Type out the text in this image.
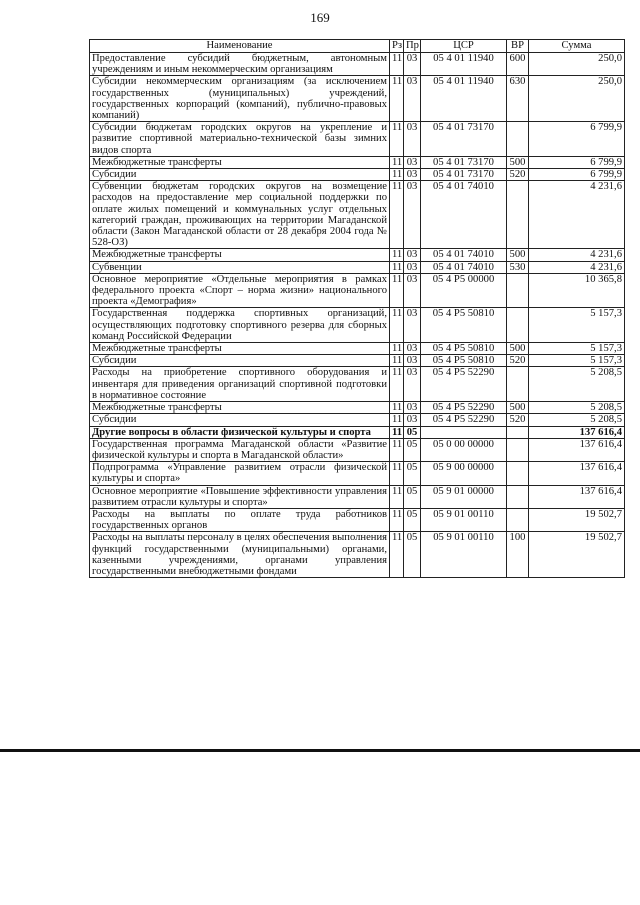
169
Наименование	Рз	Пр	ЦСР	ВР	Сумма
Предоставление субсидий бюджетным, автономным учреждениям и иным некоммерческим организациям	11	03	05 4 01 11940	600	250,0
Субсидии некоммерческим организациям (за исключением государственных (муниципальных) учреждений, государственных корпораций (компаний), публично-правовых компаний)	11	03	05 4 01 11940	630	250,0
Субсидии бюджетам городских округов на укрепление и развитие спортивной материально-технической базы зимних видов спорта	11	03	05 4 01 73170		6 799,9
Межбюджетные трансферты	11	03	05 4 01 73170	500	6 799,9
Субсидии	11	03	05 4 01 73170	520	6 799,9
Субвенции бюджетам городских округов на возмещение расходов на предоставление мер социальной поддержки по оплате жилых помещений и коммунальных услуг отдельных категорий граждан, проживающих на территории Магаданской области (Закон Магаданской области от 28 декабря 2004 года № 528-ОЗ)	11	03	05 4 01 74010		4 231,6
Межбюджетные трансферты	11	03	05 4 01 74010	500	4 231,6
Субвенции	11	03	05 4 01 74010	530	4 231,6
Основное мероприятие «Отдельные мероприятия в рамках федерального проекта «Спорт – норма жизни» национального проекта «Демография»	11	03	05 4 P5 00000		10 365,8
Государственная поддержка спортивных организаций, осуществляющих подготовку спортивного резерва для сборных команд Российской Федерации	11	03	05 4 P5 50810		5 157,3
Межбюджетные трансферты	11	03	05 4 P5 50810	500	5 157,3
Субсидии	11	03	05 4 P5 50810	520	5 157,3
Расходы на приобретение спортивного оборудования и инвентаря для приведения организаций спортивной подготовки в нормативное состояние	11	03	05 4 P5 52290		5 208,5
Межбюджетные трансферты	11	03	05 4 P5 52290	500	5 208,5
Субсидии	11	03	05 4 P5 52290	520	5 208,5
Другие вопросы в области физической культуры и спорта	11	05			137 616,4
Государственная программа Магаданской области «Развитие физической культуры и спорта в Магаданской области»	11	05	05 0 00 00000		137 616,4
Подпрограмма «Управление развитием отрасли физической культуры и спорта»	11	05	05 9 00 00000		137 616,4
Основное мероприятие «Повышение эффективности управления развитием отрасли культуры и спорта»	11	05	05 9 01 00000		137 616,4
Расходы на выплаты по оплате труда работников государственных органов	11	05	05 9 01 00110		19 502,7
Расходы на выплаты персоналу в целях обеспечения выполнения функций государственными (муниципальными) органами, казенными учреждениями, органами управления государственными внебюджетными фондами	11	05	05 9 01 00110	100	19 502,7
